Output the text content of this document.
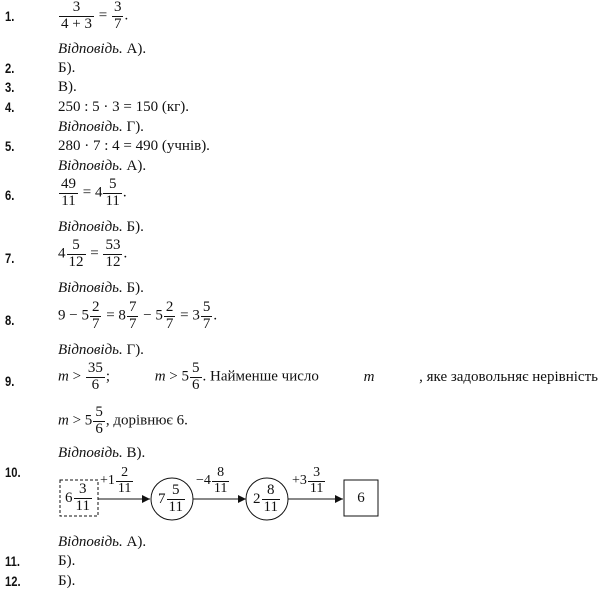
1.	$\frac{3}{4 + 3} = \frac{3}{7}$ .
Відповідь. А).
2.	Б).
3.	В).
4.	250 : 5 · 3 = 150 (кг).
Відповідь. Г).
5.	280 · 7 : 4 = 490 (учнів).
Відповідь. А).
6.	$\frac{49}{11} = 4 \frac{5}{11}$ .
Відповідь. Б).
7.	$4 \frac{5}{12} = \frac{53}{12}$ .
Відповідь. Б).
8.	$9 - 5 \frac{2}{7} = 8 \frac{7}{7} - 5 \frac{2}{7} = 3 \frac{5}{7}$ .
Відповідь. Г).
9.	$m > \frac{35}{6}$ ;	$m > 5 \frac{5}{6}$ . Найменше число	m	, яке задовольняє нерівність
$m > 5 \frac{5}{6}$ , дорівнює 6.
Відповідь. В).
10.
$6 \frac{3}{11}$
$+1 \frac{2}{11}$
$7 \frac{5}{11}$
$-4 \frac{8}{11}$
$2 \frac{8}{11}$
$+3 \frac{3}{11}$
6
Відповідь. А).
11.	Б).
12. Б).
